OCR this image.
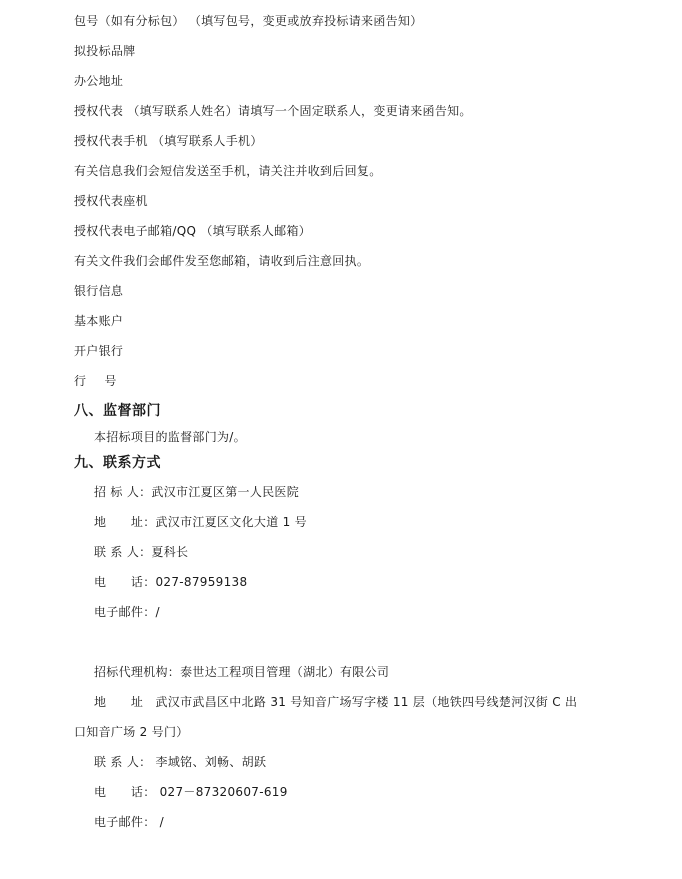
包号（如有分标包） （填写包号，变更或放弃投标请来函告知）
拟投标品牌
办公地址
授权代表 （填写联系人姓名）请填写一个固定联系人，变更请来函告知。
授权代表手机 （填写联系人手机）
有关信息我们会短信发送至手机，请关注并收到后回复。
授权代表座机
授权代表电子邮箱/QQ （填写联系人邮箱）
有关文件我们会邮件发至您邮箱，请收到后注意回执。
银行信息
基本账户
开户银行
行 号
八、监督部门
本招标项目的监督部门为/。
九、联系方式
招 标 人：武汉市江夏区第一人民医院
地　　址：武汉市江夏区文化大道 1 号
联 系 人：夏科长
电　　话：027-87959138
电子邮件：/
招标代理机构：泰世达工程项目管理（湖北）有限公司
地　　址　武汉市武昌区中北路 31 号知音广场写字楼 11 层（地铁四号线楚河汉街 C 出
口知音广场 2 号门）
联 系 人： 李域铭、刘畅、胡跃
电　　话： 027－87320607-619
电子邮件： /
